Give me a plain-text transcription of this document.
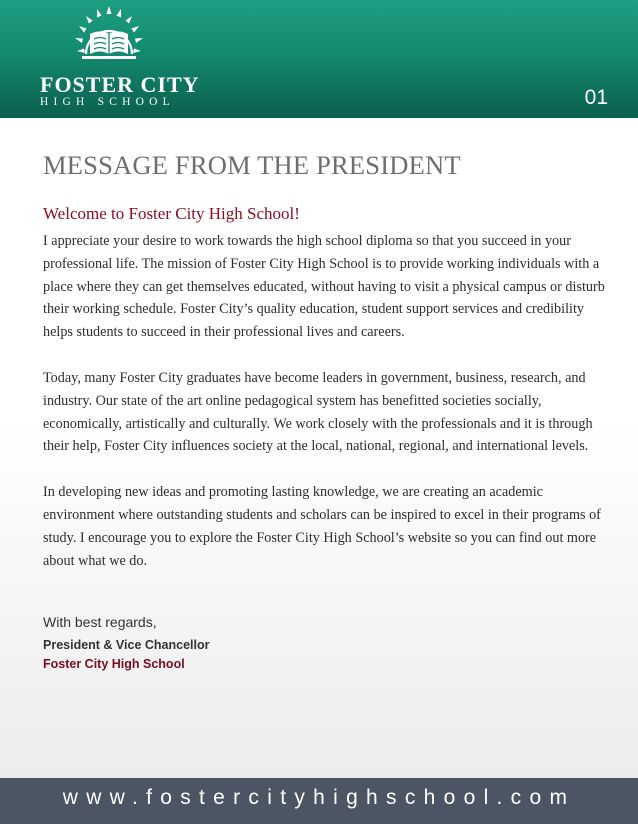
FOSTER CITY
HIGH SCHOOL	01
MESSAGE FROM THE PRESIDENT
Welcome to Foster City High School!

I appreciate your desire to work towards the high school diploma so that you succeed in your professional life. The mission of Foster City High School is to provide working individuals with a place where they can get themselves educated, without having to visit a physical campus or disturb their working schedule. Foster City’s quality education, student support services and credibility helps students to succeed in their professional lives and careers.

Today, many Foster City graduates have become leaders in government, business, research, and industry. Our state of the art online pedagogical system has benefitted societies socially, economically, artistically and culturally. We work closely with the professionals and it is through their help, Foster City influences society at the local, national, regional, and international levels.

In developing new ideas and promoting lasting knowledge, we are creating an academic environment where outstanding students and scholars can be inspired to excel in their programs of study. I encourage you to explore the Foster City High School’s website so you can find out more about what we do.

With best regards,
President & Vice Chancellor
Foster City High School
www.fostercityhighschool.com
